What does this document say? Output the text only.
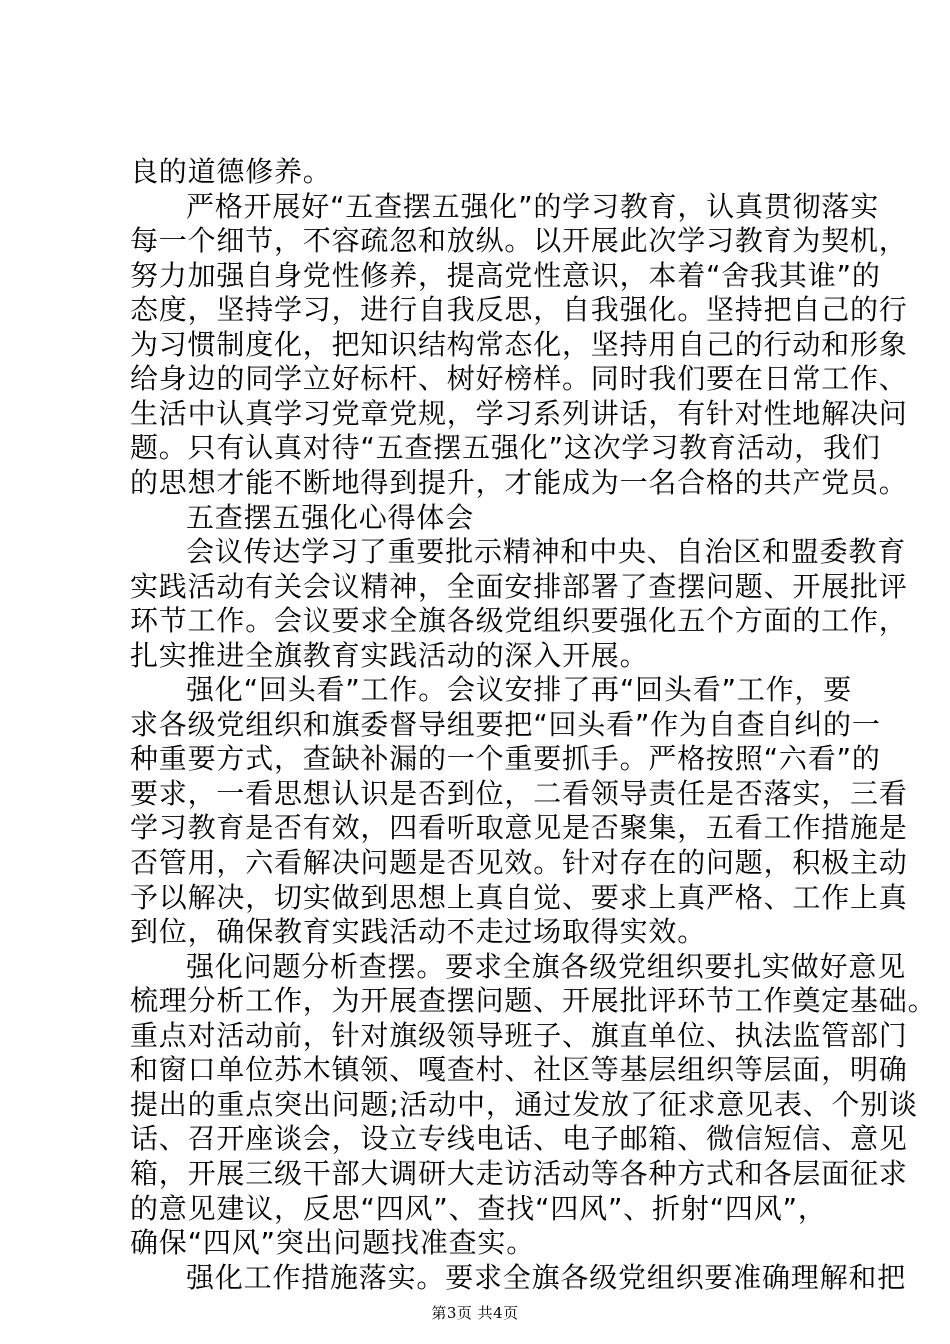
良的道德修养。
严格开展好“五查摆五强化”的学习教育，认真贯彻落实
每一个细节，不容疏忽和放纵。以开展此次学习教育为契机，
努力加强自身党性修养，提高党性意识，本着“舍我其谁”的
态度，坚持学习，进行自我反思，自我强化。坚持把自己的行
为习惯制度化，把知识结构常态化，坚持用自己的行动和形象
给身边的同学立好标杆、树好榜样。同时我们要在日常工作、
生活中认真学习党章党规，学习系列讲话，有针对性地解决问
题。只有认真对待“五查摆五强化”这次学习教育活动，我们
的思想才能不断地得到提升，才能成为一名合格的共产党员。
五查摆五强化心得体会
会议传达学习了重要批示精神和中央、自治区和盟委教育
实践活动有关会议精神，全面安排部署了查摆问题、开展批评
环节工作。会议要求全旗各级党组织要强化五个方面的工作，
扎实推进全旗教育实践活动的深入开展。
强化“回头看”工作。会议安排了再“回头看”工作，要
求各级党组织和旗委督导组要把“回头看”作为自查自纠的一
种重要方式，查缺补漏的一个重要抓手。严格按照“六看”的
要求，一看思想认识是否到位，二看领导责任是否落实，三看
学习教育是否有效，四看听取意见是否聚集，五看工作措施是
否管用，六看解决问题是否见效。针对存在的问题，积极主动
予以解决，切实做到思想上真自觉、要求上真严格、工作上真
到位，确保教育实践活动不走过场取得实效。
强化问题分析查摆。要求全旗各级党组织要扎实做好意见
梳理分析工作，为开展查摆问题、开展批评环节工作奠定基础。
重点对活动前，针对旗级领导班子、旗直单位、执法监管部门
和窗口单位苏木镇领、嘎查村、社区等基层组织等层面，明确
提出的重点突出问题;活动中，通过发放了征求意见表、个别谈
话、召开座谈会，设立专线电话、电子邮箱、微信短信、意见
箱，开展三级干部大调研大走访活动等各种方式和各层面征求
的意见建议，反思“四风”、查找“四风”、折射“四风”，
确保“四风”突出问题找准查实。
强化工作措施落实。要求全旗各级党组织要准确理解和把
第3页 共4页
